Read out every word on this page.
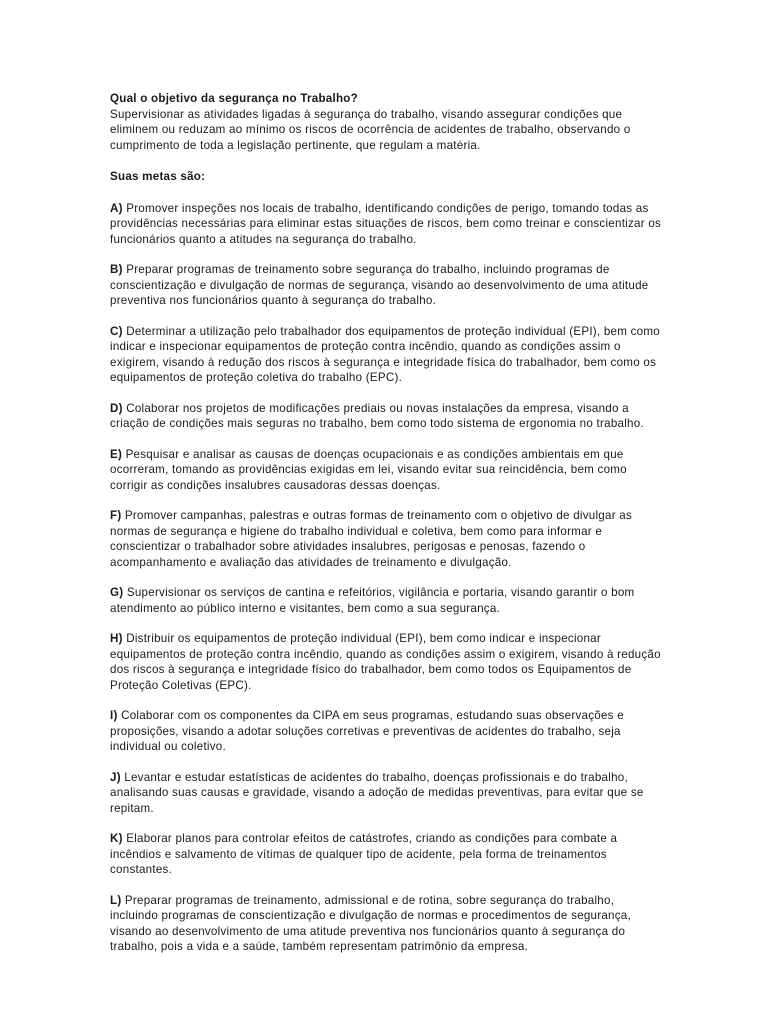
Qual o objetivo da segurança no Trabalho?

Supervisionar as atividades ligadas à segurança do trabalho, visando assegurar condições que eliminem ou reduzam ao mínimo os riscos de ocorrência de acidentes de trabalho, observando o cumprimento de toda a legislação pertinente, que regulam a matéria.

Suas metas são:

A) Promover inspeções nos locais de trabalho, identificando condições de perigo, tomando todas as providências necessárias para eliminar estas situações de riscos, bem como treinar e conscientizar os funcionários quanto a atitudes na segurança do trabalho.

B) Preparar programas de treinamento sobre segurança do trabalho, incluindo programas de conscientização e divulgação de normas de segurança, visando ao desenvolvimento de uma atitude preventiva nos funcionários quanto à segurança do trabalho.

C) Determinar a utilização pelo trabalhador dos equipamentos de proteção individual (EPI), bem como indicar e inspecionar equipamentos de proteção contra incêndio, quando as condições assim o exigirem, visando à redução dos riscos à segurança e integridade física do trabalhador, bem como os equipamentos de proteção coletiva do trabalho (EPC).

D) Colaborar nos projetos de modificações prediais ou novas instalações da empresa, visando a criação de condições mais seguras no trabalho, bem como todo sistema de ergonomia no trabalho.

E) Pesquisar e analisar as causas de doenças ocupacionais e as condições ambientais em que ocorreram, tomando as providências exigidas em lei, visando evitar sua reincidência, bem como corrigir as condições insalubres causadoras dessas doenças.

F) Promover campanhas, palestras e outras formas de treinamento com o objetivo de divulgar as normas de segurança e higiene do trabalho individual e coletiva, bem como para informar e conscientizar o trabalhador sobre atividades insalubres, perigosas e penosas, fazendo o acompanhamento e avaliação das atividades de treinamento e divulgação.

G) Supervisionar os serviços de cantina e refeitórios, vigilância e portaria, visando garantir o bom atendimento ao público interno e visitantes, bem como a sua segurança.

H) Distribuir os equipamentos de proteção individual (EPI), bem como indicar e inspecionar equipamentos de proteção contra incêndio, quando as condições assim o exigirem, visando à redução dos riscos à segurança e integridade físico do trabalhador, bem como todos os Equipamentos de Proteção Coletivas (EPC).

I) Colaborar com os componentes da CIPA em seus programas, estudando suas observações e proposições, visando a adotar soluções corretivas e preventivas de acidentes do trabalho, seja individual ou coletivo.

J) Levantar e estudar estatísticas de acidentes do trabalho, doenças profissionais e do trabalho, analisando suas causas e gravidade, visando a adoção de medidas preventivas, para evitar que se repitam.

K) Elaborar planos para controlar efeitos de catástrofes, criando as condições para combate a incêndios e salvamento de vítimas de qualquer tipo de acidente, pela forma de treinamentos constantes.

L) Preparar programas de treinamento, admissional e de rotina, sobre segurança do trabalho, incluindo programas de conscientização e divulgação de normas e procedimentos de segurança, visando ao desenvolvimento de uma atitude preventiva nos funcionários quanto à segurança do trabalho, pois a vida e a saúde, também representam patrimônio da empresa.
